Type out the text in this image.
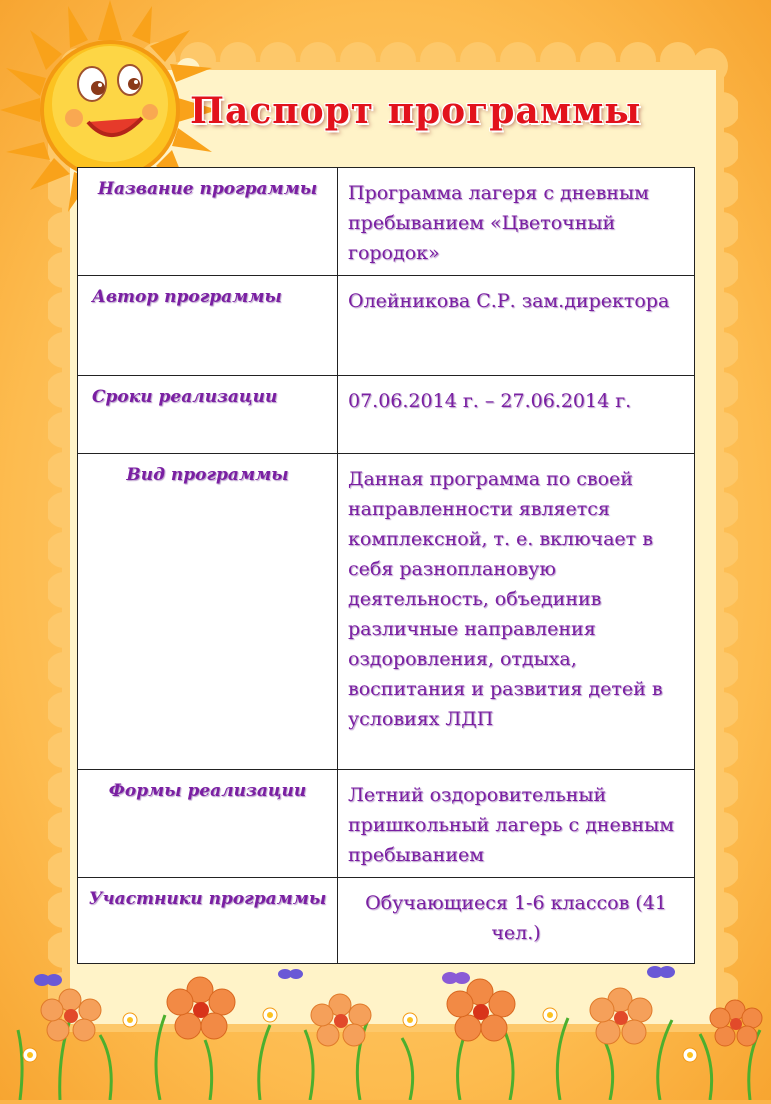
Паспорт программы
Название программы	Программа лагеря с дневным пребыванием «Цветочный городок»

Автор программы	Олейникова С.Р. зам.директора

Сроки реализации	07.06.2014 г. – 27.06.2014 г.

Вид программы	Данная программа по своей направленности является комплексной, т. е. включает в себя разноплановую деятельность, объединив различные направления оздоровления, отдыха, воспитания и развития детей в условиях ЛДП

Формы реализации	Летний оздоровительный пришкольный лагерь с дневным пребыванием

Участники программы	Обучающиеся 1-6 классов (41 чел.)
